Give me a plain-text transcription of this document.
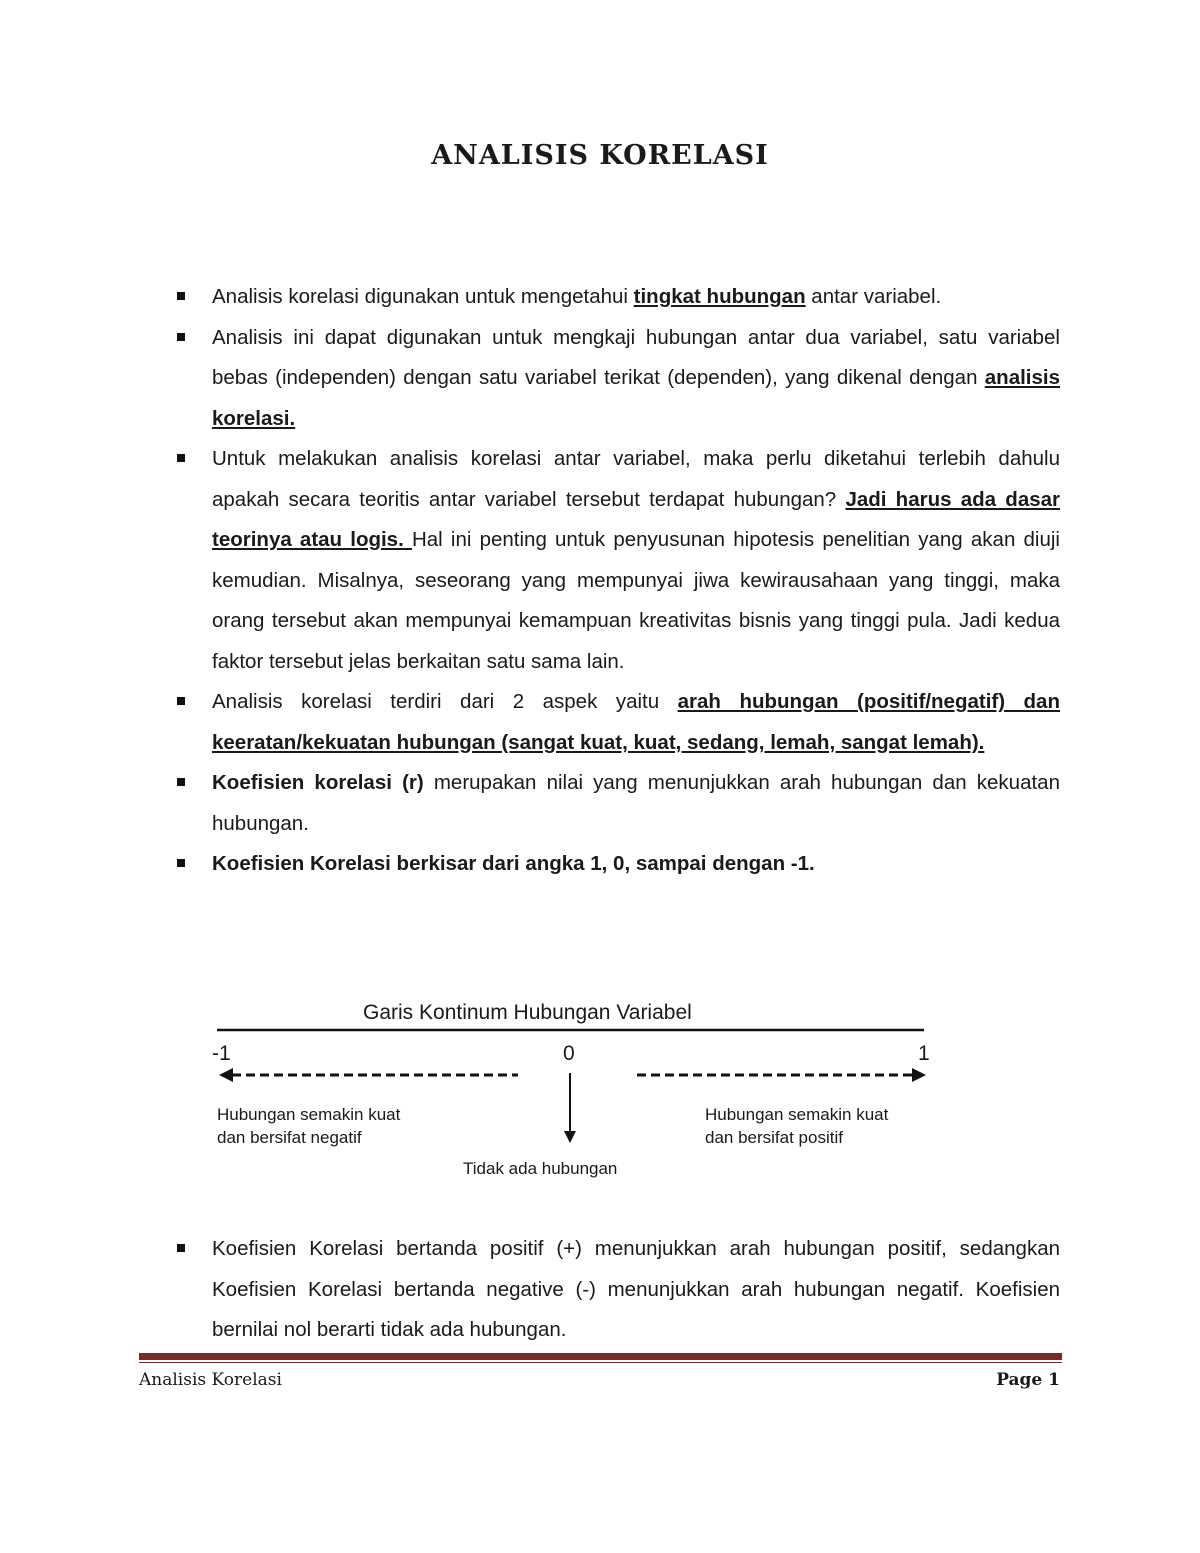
ANALISIS KORELASI
Analisis korelasi digunakan untuk mengetahui tingkat hubungan antar variabel.
Analisis ini dapat digunakan untuk mengkaji hubungan antar dua variabel, satu variabel bebas (independen) dengan satu variabel terikat (dependen), yang dikenal dengan analisis korelasi.
Untuk melakukan analisis korelasi antar variabel, maka perlu diketahui terlebih dahulu apakah secara teoritis antar variabel tersebut terdapat hubungan? Jadi harus ada dasar teorinya atau logis. Hal ini penting untuk penyusunan hipotesis penelitian yang akan diuji kemudian. Misalnya, seseorang yang mempunyai jiwa kewirausahaan yang tinggi, maka orang tersebut akan mempunyai kemampuan kreativitas bisnis yang tinggi pula. Jadi kedua faktor tersebut jelas berkaitan satu sama lain.
Analisis korelasi terdiri dari 2 aspek yaitu arah hubungan (positif/negatif) dan keeratan/kekuatan hubungan (sangat kuat, kuat, sedang, lemah, sangat lemah).
Koefisien korelasi (r) merupakan nilai yang menunjukkan arah hubungan dan kekuatan hubungan.
Koefisien Korelasi berkisar dari angka 1, 0, sampai dengan -1.
Garis Kontinum Hubungan Variabel
-1	0	1
Hubungan semakin kuat
dan bersifat negatif
Hubungan semakin kuat
dan bersifat positif
Tidak ada hubungan
Koefisien Korelasi bertanda positif (+) menunjukkan arah hubungan positif, sedangkan Koefisien Korelasi bertanda negative (-) menunjukkan arah hubungan negatif. Koefisien bernilai nol berarti tidak ada hubungan.
Analisis Korelasi	Page 1
